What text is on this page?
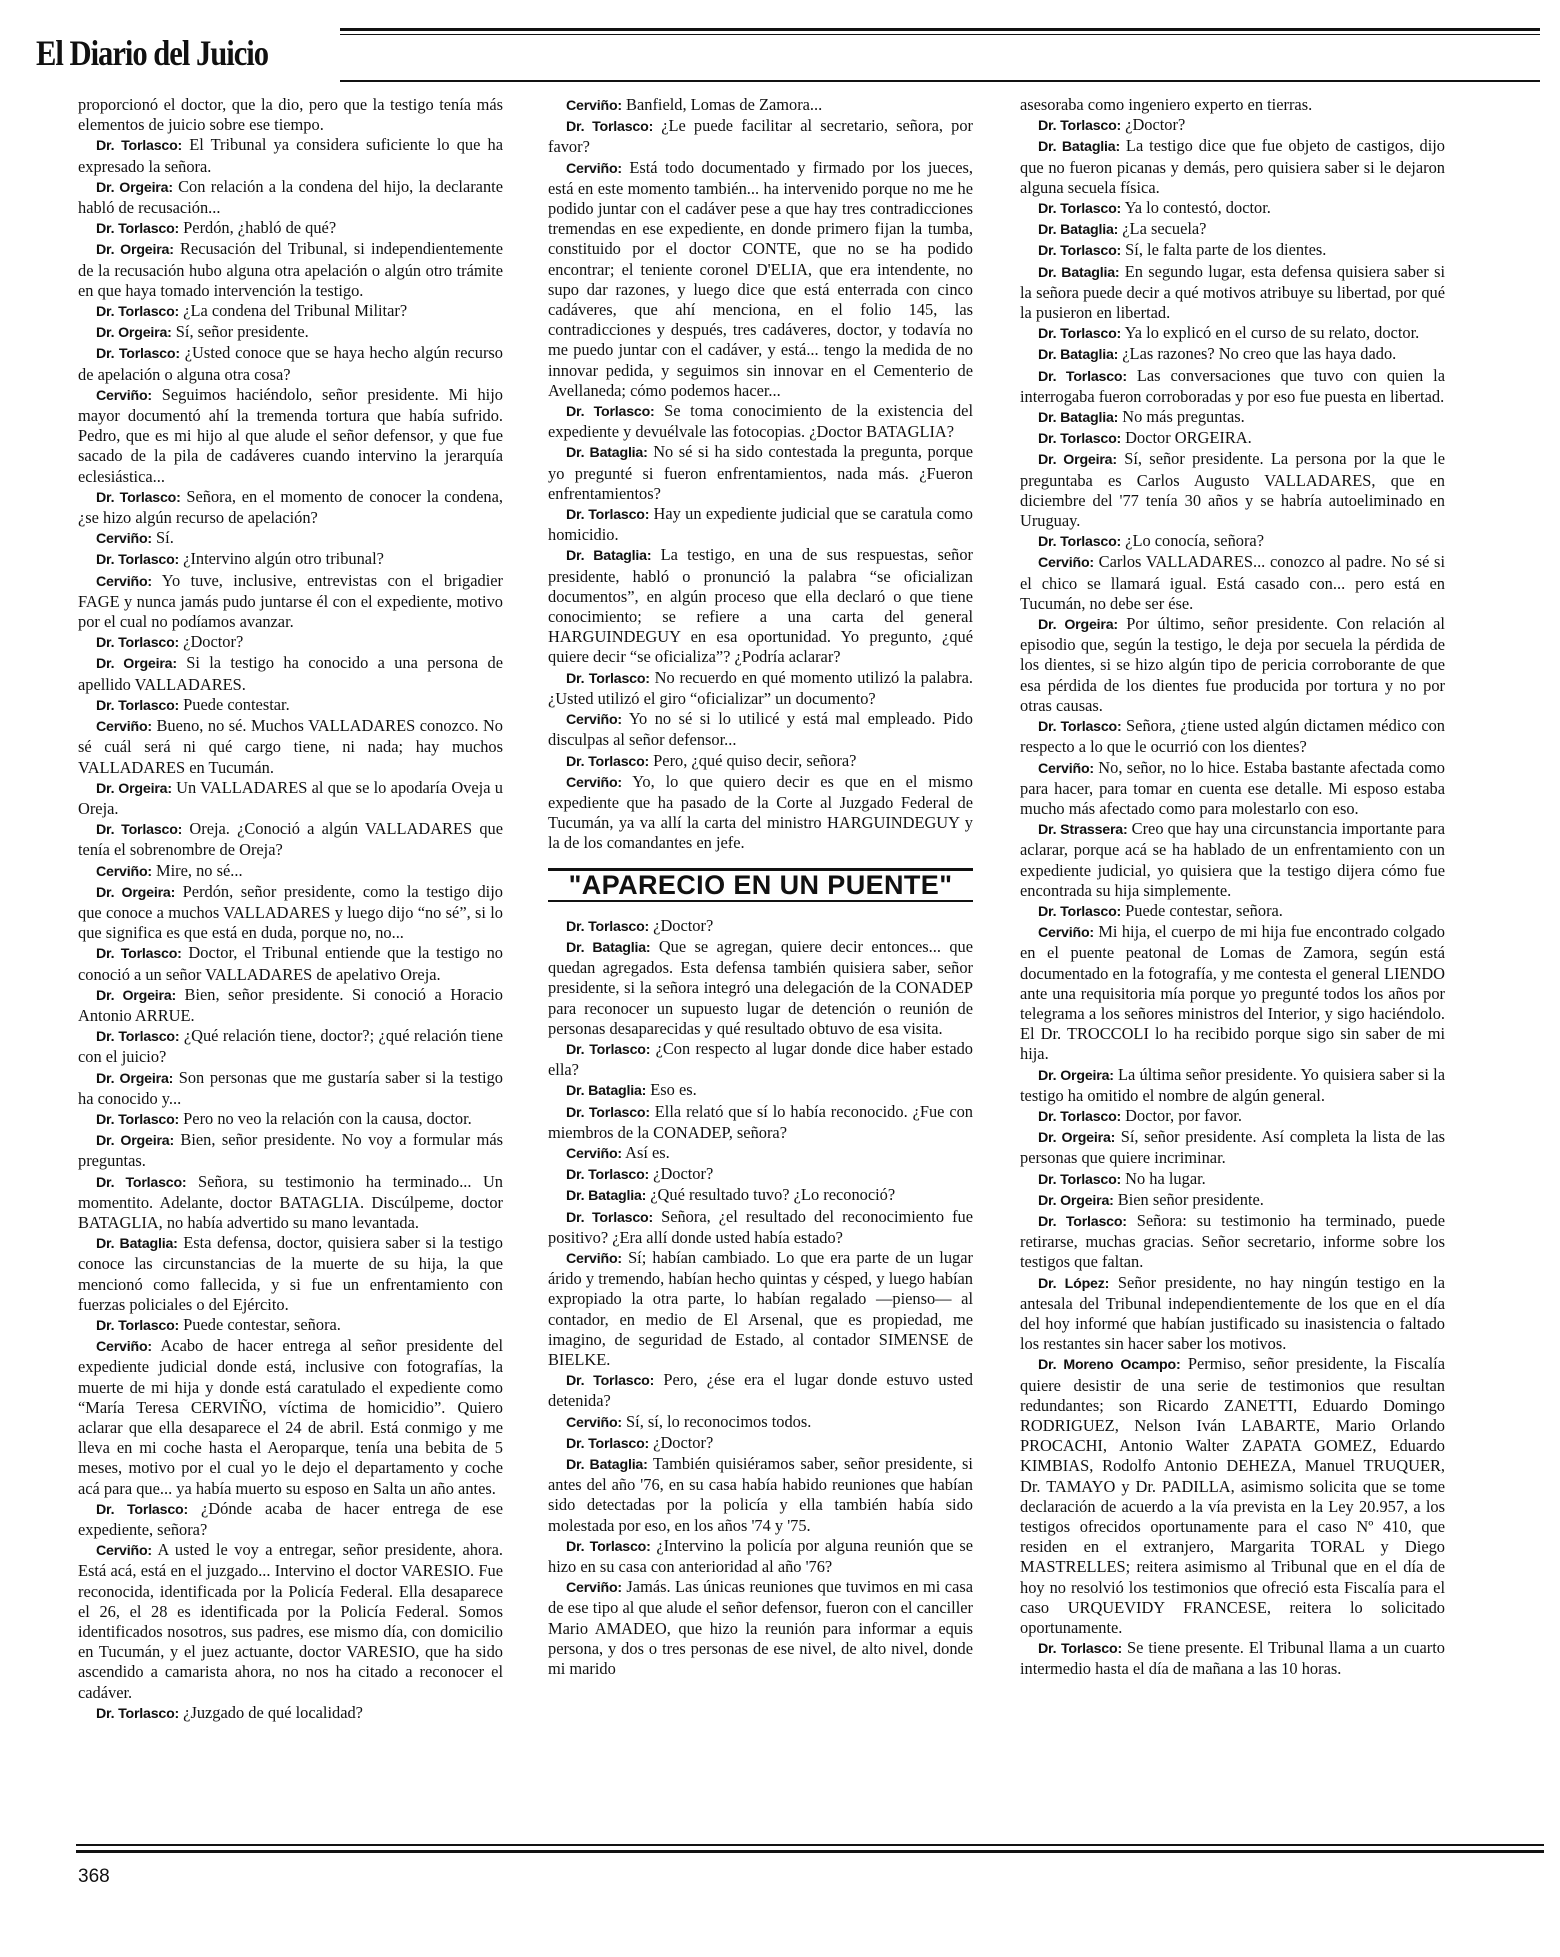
El Diario del Juicio

proporcionó el doctor, que la dio, pero que la testigo tenía más elementos de juicio sobre ese tiempo.

Dr. Torlasco: El Tribunal ya considera suficiente lo que ha expresado la señora.

Dr. Orgeira: Con relación a la condena del hijo, la declarante habló de recusación...

Dr. Torlasco: Perdón, ¿habló de qué?

Dr. Orgeira: Recusación del Tribunal, si independientemente de la recusación hubo alguna otra apelación o algún otro trámite en que haya tomado intervención la testigo.

Dr. Torlasco: ¿La condena del Tribunal Militar?

Dr. Orgeira: Sí, señor presidente.

Dr. Torlasco: ¿Usted conoce que se haya hecho algún recurso de apelación o alguna otra cosa?

Cerviño: Seguimos haciéndolo, señor presidente. Mi hijo mayor documentó ahí la tremenda tortura que había sufrido. Pedro, que es mi hijo al que alude el señor defensor, y que fue sacado de la pila de cadáveres cuando intervino la jerarquía eclesiástica...

Dr. Torlasco: Señora, en el momento de conocer la condena, ¿se hizo algún recurso de apelación?

Cerviño: Sí.

Dr. Torlasco: ¿Intervino algún otro tribunal?

Cerviño: Yo tuve, inclusive, entrevistas con el brigadier FAGE y nunca jamás pudo juntarse él con el expediente, motivo por el cual no podíamos avanzar.

Dr. Torlasco: ¿Doctor?

Dr. Orgeira: Si la testigo ha conocido a una persona de apellido VALLADARES.

Dr. Torlasco: Puede contestar.

Cerviño: Bueno, no sé. Muchos VALLADARES conozco. No sé cuál será ni qué cargo tiene, ni nada; hay muchos VALLADARES en Tucumán.

Dr. Orgeira: Un VALLADARES al que se lo apodaría Oveja u Oreja.

Dr. Torlasco: Oreja. ¿Conoció a algún VALLADARES que tenía el sobrenombre de Oreja?

Cerviño: Mire, no sé...

Dr. Orgeira: Perdón, señor presidente, como la testigo dijo que conoce a muchos VALLADARES y luego dijo “no sé”, si lo que significa es que está en duda, porque no, no...

Dr. Torlasco: Doctor, el Tribunal entiende que la testigo no conoció a un señor VALLADARES de apelativo Oreja.

Dr. Orgeira: Bien, señor presidente. Si conoció a Horacio Antonio ARRUE.

Dr. Torlasco: ¿Qué relación tiene, doctor?; ¿qué relación tiene con el juicio?

Dr. Orgeira: Son personas que me gustaría saber si la testigo ha conocido y...

Dr. Torlasco: Pero no veo la relación con la causa, doctor.

Dr. Orgeira: Bien, señor presidente. No voy a formular más preguntas.

Dr. Torlasco: Señora, su testimonio ha terminado... Un momentito. Adelante, doctor BATAGLIA. Discúlpeme, doctor BATAGLIA, no había advertido su mano levantada.

Dr. Bataglia: Esta defensa, doctor, quisiera saber si la testigo conoce las circunstancias de la muerte de su hija, la que mencionó como fallecida, y si fue un enfrentamiento con fuerzas policiales o del Ejército.

Dr. Torlasco: Puede contestar, señora.

Cerviño: Acabo de hacer entrega al señor presidente del expediente judicial donde está, inclusive con fotografías, la muerte de mi hija y donde está caratulado el expediente como “María Teresa CERVIÑO, víctima de homicidio”. Quiero aclarar que ella desaparece el 24 de abril. Está conmigo y me lleva en mi coche hasta el Aeroparque, tenía una bebita de 5 meses, motivo por el cual yo le dejo el departamento y coche acá para que... ya había muerto su esposo en Salta un año antes.

Dr. Torlasco: ¿Dónde acaba de hacer entrega de ese expediente, señora?

Cerviño: A usted le voy a entregar, señor presidente, ahora. Está acá, está en el juzgado... Intervino el doctor VARESIO. Fue reconocida, identificada por la Policía Federal. Ella desaparece el 26, el 28 es identificada por la Policía Federal. Somos identificados nosotros, sus padres, ese mismo día, con domicilio en Tucumán, y el juez actuante, doctor VARESIO, que ha sido ascendido a camarista ahora, no nos ha citado a reconocer el cadáver.

Dr. Torlasco: ¿Juzgado de qué localidad?

Cerviño: Banfield, Lomas de Zamora...

Dr. Torlasco: ¿Le puede facilitar al secretario, señora, por favor?

Cerviño: Está todo documentado y firmado por los jueces, está en este momento también... ha intervenido porque no me he podido juntar con el cadáver pese a que hay tres contradicciones tremendas en ese expediente, en donde primero fijan la tumba, constituido por el doctor CONTE, que no se ha podido encontrar; el teniente coronel D'ELIA, que era intendente, no supo dar razones, y luego dice que está enterrada con cinco cadáveres, que ahí menciona, en el folio 145, las contradicciones y después, tres cadáveres, doctor, y todavía no me puedo juntar con el cadáver, y está... tengo la medida de no innovar pedida, y seguimos sin innovar en el Cementerio de Avellaneda; cómo podemos hacer...

Dr. Torlasco: Se toma conocimiento de la existencia del expediente y devuélvale las fotocopias. ¿Doctor BATAGLIA?

Dr. Bataglia: No sé si ha sido contestada la pregunta, porque yo pregunté si fueron enfrentamientos, nada más. ¿Fueron enfrentamientos?

Dr. Torlasco: Hay un expediente judicial que se caratula como homicidio.

Dr. Bataglia: La testigo, en una de sus respuestas, señor presidente, habló o pronunció la palabra “se oficializan documentos”, en algún proceso que ella declaró o que tiene conocimiento; se refiere a una carta del general HARGUINDEGUY en esa oportunidad. Yo pregunto, ¿qué quiere decir “se oficializa”? ¿Podría aclarar?

Dr. Torlasco: No recuerdo en qué momento utilizó la palabra. ¿Usted utilizó el giro “oficializar” un documento?

Cerviño: Yo no sé si lo utilicé y está mal empleado. Pido disculpas al señor defensor...

Dr. Torlasco: Pero, ¿qué quiso decir, señora?

Cerviño: Yo, lo que quiero decir es que en el mismo expediente que ha pasado de la Corte al Juzgado Federal de Tucumán, ya va allí la carta del ministro HARGUINDEGUY y la de los comandantes en jefe.

"APARECIO EN UN PUENTE"

Dr. Torlasco: ¿Doctor?

Dr. Bataglia: Que se agregan, quiere decir entonces... que quedan agregados. Esta defensa también quisiera saber, señor presidente, si la señora integró una delegación de la CONADEP para reconocer un supuesto lugar de detención o reunión de personas desaparecidas y qué resultado obtuvo de esa visita.

Dr. Torlasco: ¿Con respecto al lugar donde dice haber estado ella?

Dr. Bataglia: Eso es.

Dr. Torlasco: Ella relató que sí lo había reconocido. ¿Fue con miembros de la CONADEP, señora?

Cerviño: Así es.

Dr. Torlasco: ¿Doctor?

Dr. Bataglia: ¿Qué resultado tuvo? ¿Lo reconoció?

Dr. Torlasco: Señora, ¿el resultado del reconocimiento fue positivo? ¿Era allí donde usted había estado?

Cerviño: Sí; habían cambiado. Lo que era parte de un lugar árido y tremendo, habían hecho quintas y césped, y luego habían expropiado la otra parte, lo habían regalado —pienso— al contador, en medio de El Arsenal, que es propiedad, me imagino, de seguridad de Estado, al contador SIMENSE de BIELKE.

Dr. Torlasco: Pero, ¿ése era el lugar donde estuvo usted detenida?

Cerviño: Sí, sí, lo reconocimos todos.

Dr. Torlasco: ¿Doctor?

Dr. Bataglia: También quisiéramos saber, señor presidente, si antes del año '76, en su casa había habido reuniones que habían sido detectadas por la policía y ella también había sido molestada por eso, en los años '74 y '75.

Dr. Torlasco: ¿Intervino la policía por alguna reunión que se hizo en su casa con anterioridad al año '76?

Cerviño: Jamás. Las únicas reuniones que tuvimos en mi casa de ese tipo al que alude el señor defensor, fueron con el canciller Mario AMADEO, que hizo la reunión para informar a equis persona, y dos o tres personas de ese nivel, de alto nivel, donde mi marido

asesoraba como ingeniero experto en tierras.

Dr. Torlasco: ¿Doctor?

Dr. Bataglia: La testigo dice que fue objeto de castigos, dijo que no fueron picanas y demás, pero quisiera saber si le dejaron alguna secuela física.

Dr. Torlasco: Ya lo contestó, doctor.

Dr. Bataglia: ¿La secuela?

Dr. Torlasco: Sí, le falta parte de los dientes.

Dr. Bataglia: En segundo lugar, esta defensa quisiera saber si la señora puede decir a qué motivos atribuye su libertad, por qué la pusieron en libertad.

Dr. Torlasco: Ya lo explicó en el curso de su relato, doctor.

Dr. Bataglia: ¿Las razones? No creo que las haya dado.

Dr. Torlasco: Las conversaciones que tuvo con quien la interrogaba fueron corroboradas y por eso fue puesta en libertad.

Dr. Bataglia: No más preguntas.

Dr. Torlasco: Doctor ORGEIRA.

Dr. Orgeira: Sí, señor presidente. La persona por la que le preguntaba es Carlos Augusto VALLADARES, que en diciembre del '77 tenía 30 años y se habría autoeliminado en Uruguay.

Dr. Torlasco: ¿Lo conocía, señora?

Cerviño: Carlos VALLADARES... conozco al padre. No sé si el chico se llamará igual. Está casado con... pero está en Tucumán, no debe ser ése.

Dr. Orgeira: Por último, señor presidente. Con relación al episodio que, según la testigo, le deja por secuela la pérdida de los dientes, si se hizo algún tipo de pericia corroborante de que esa pérdida de los dientes fue producida por tortura y no por otras causas.

Dr. Torlasco: Señora, ¿tiene usted algún dictamen médico con respecto a lo que le ocurrió con los dientes?

Cerviño: No, señor, no lo hice. Estaba bastante afectada como para hacer, para tomar en cuenta ese detalle. Mi esposo estaba mucho más afectado como para molestarlo con eso.

Dr. Strassera: Creo que hay una circunstancia importante para aclarar, porque acá se ha hablado de un enfrentamiento con un expediente judicial, yo quisiera que la testigo dijera cómo fue encontrada su hija simplemente.

Dr. Torlasco: Puede contestar, señora.

Cerviño: Mi hija, el cuerpo de mi hija fue encontrado colgado en el puente peatonal de Lomas de Zamora, según está documentado en la fotografía, y me contesta el general LIENDO ante una requisitoria mía porque yo pregunté todos los años por telegrama a los señores ministros del Interior, y sigo haciéndolo. El Dr. TROCCOLI lo ha recibido porque sigo sin saber de mi hija.

Dr. Orgeira: La última señor presidente. Yo quisiera saber si la testigo ha omitido el nombre de algún general.

Dr. Torlasco: Doctor, por favor.

Dr. Orgeira: Sí, señor presidente. Así completa la lista de las personas que quiere incriminar.

Dr. Torlasco: No ha lugar.

Dr. Orgeira: Bien señor presidente.

Dr. Torlasco: Señora: su testimonio ha terminado, puede retirarse, muchas gracias. Señor secretario, informe sobre los testigos que faltan.

Dr. López: Señor presidente, no hay ningún testigo en la antesala del Tribunal independientemente de los que en el día del hoy informé que habían justificado su inasistencia o faltado los restantes sin hacer saber los motivos.

Dr. Moreno Ocampo: Permiso, señor presidente, la Fiscalía quiere desistir de una serie de testimonios que resultan redundantes; son Ricardo ZANETTI, Eduardo Domingo RODRIGUEZ, Nelson Iván LABARTE, Mario Orlando PROCACHI, Antonio Walter ZAPATA GOMEZ, Eduardo KIMBIAS, Rodolfo Antonio DEHEZA, Manuel TRUQUER, Dr. TAMAYO y Dr. PADILLA, asimismo solicita que se tome declaración de acuerdo a la vía prevista en la Ley 20.957, a los testigos ofrecidos oportunamente para el caso Nº 410, que residen en el extranjero, Margarita TORAL y Diego MASTRELLES; reitera asimismo al Tribunal que en el día de hoy no resolvió los testimonios que ofreció esta Fiscalía para el caso URQUEVIDY FRANCESE, reitera lo solicitado oportunamente.

Dr. Torlasco: Se tiene presente. El Tribunal llama a un cuarto intermedio hasta el día de mañana a las 10 horas.

368
